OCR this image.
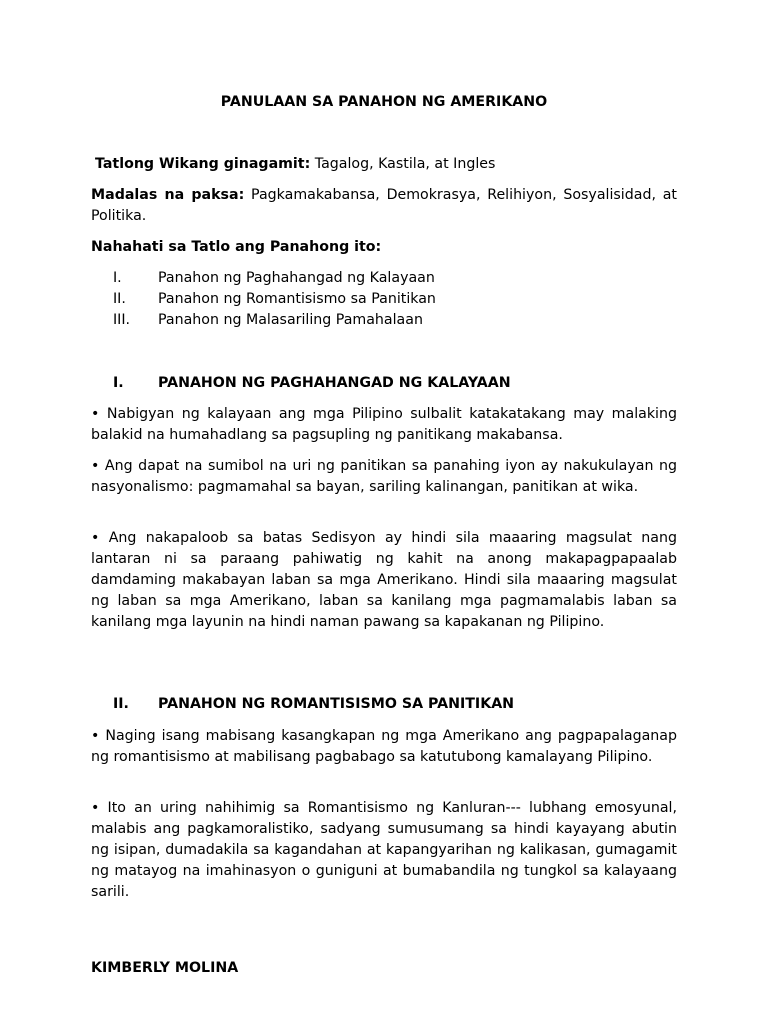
PANULAAN SA PANAHON NG AMERIKANO

Tatlong Wikang ginagamit: Tagalog, Kastila, at Ingles

Madalas na paksa: Pagkamakabansa, Demokrasya, Relihiyon, Sosyalisidad, at Politika.

Nahahati sa Tatlo ang Panahong ito:

I.	Panahon ng Paghahangad ng Kalayaan
II. Panahon ng Romantisismo sa Panitikan
III. Panahon ng Malasariling Pamahalaan
I. PANAHON NG PAGHAHANGAD NG KALAYAAN

• Nabigyan ng kalayaan ang mga Pilipino sulbalit katakatakang may malaking balakid na humahadlang sa pagsupling ng panitikang makabansa.

• Ang dapat na sumibol na uri ng panitikan sa panahing iyon ay nakukulayan ng nasyonalismo: pagmamahal sa bayan, sariling kalinangan, panitikan at wika.

• Ang nakapaloob sa batas Sedisyon ay hindi sila maaaring magsulat nang lantaran ni sa paraang pahiwatig ng kahit na anong makapagpapaalab damdaming makabayan laban sa mga Amerikano. Hindi sila maaaring magsulat ng laban sa mga Amerikano, laban sa kanilang mga pagmamalabis laban sa kanilang mga layunin na hindi naman pawang sa kapakanan ng Pilipino.

II. PANAHON NG ROMANTISISMO SA PANITIKAN

• Naging isang mabisang kasangkapan ng mga Amerikano ang pagpapalaganap ng romantisismo at mabilisang pagbabago sa katutubong kamalayang Pilipino.

• Ito an uring nahihimig sa Romantisismo ng Kanluran--- lubhang emosyunal, malabis ang pagkamoralistiko, sadyang sumusumang sa hindi kayayang abutin ng isipan, dumadakila sa kagandahan at kapangyarihan ng kalikasan, gumagamit ng matayog na imahinasyon o guniguni at bumabandila ng tungkol sa kalayaang sarili.

KIMBERLY MOLINA
